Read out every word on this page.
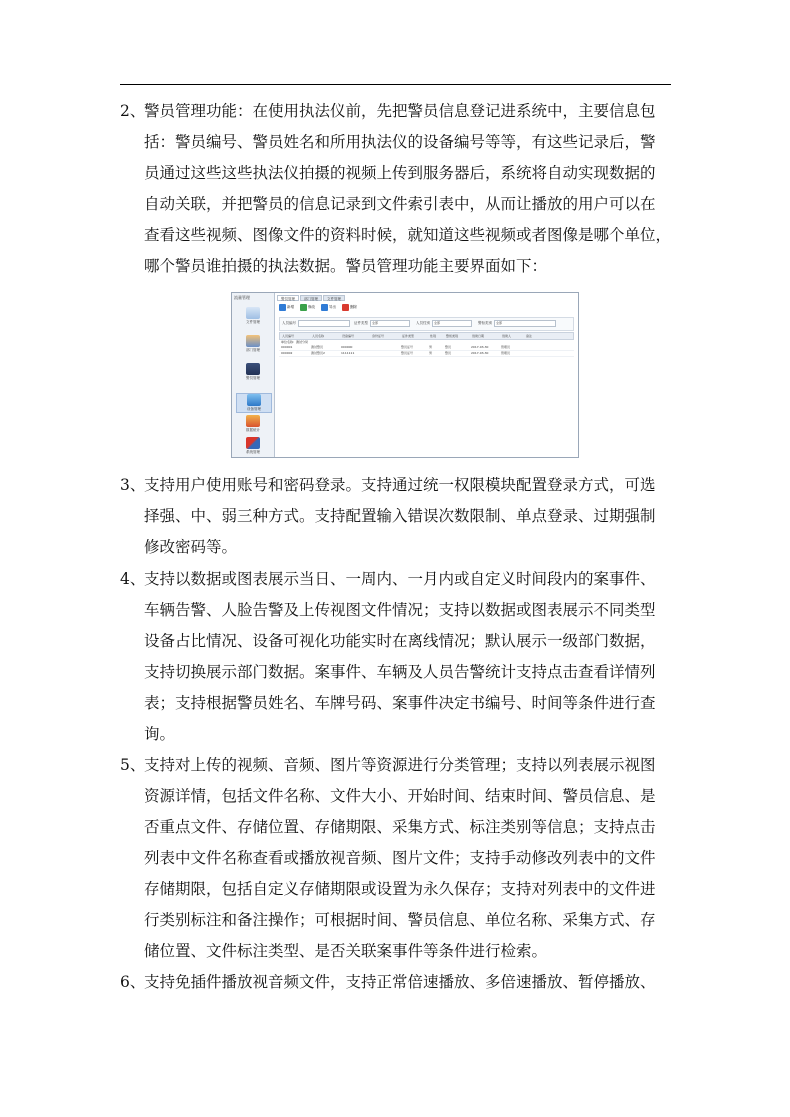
2、
警员管理功能：在使用执法仪前，先把警员信息登记进系统中，主要信息包
括：警员编号、警员姓名和所用执法仪的设备编号等等，有这些记录后，警
员通过这些这些执法仪拍摄的视频上传到服务器后，系统将自动实现数据的
自动关联，并把警员的信息记录到文件索引表中，从而让播放的用户可以在
查看这些视频、图像文件的资料时候，就知道这些视频或者图像是哪个单位，
哪个警员谁拍摄的执法数据。警员管理功能主要界面如下：
流量管理
文件管理
部门管理
警员管理
设备管理
数据统计
系统管理
警员管理	部门管理	文件管理
新增	修改	导出	删除
人员编号	证件类型 全部	人员性别 全部	警衔类别 全部
人员编号	人员名称	设备编号	身份证号	证件类型	性别	警衔类别	创建日期	创建人	备注
单位名称：测试分局
000001	测试警员	000000	警员证号	男	警员	2017-03-30	管理员
000002	测试警员2	1111111	警员证号	男	警员	2017-03-30	管理员
3、
支持用户使用账号和密码登录。支持通过统一权限模块配置登录方式，可选
择强、中、弱三种方式。支持配置输入错误次数限制、单点登录、过期强制
修改密码等。
4、
支持以数据或图表展示当日、一周内、一月内或自定义时间段内的案事件、
车辆告警、人脸告警及上传视图文件情况；支持以数据或图表展示不同类型
设备占比情况、设备可视化功能实时在离线情况；默认展示一级部门数据，
支持切换展示部门数据。案事件、车辆及人员告警统计支持点击查看详情列
表；支持根据警员姓名、车牌号码、案事件决定书编号、时间等条件进行查
询。
5、
支持对上传的视频、音频、图片等资源进行分类管理；支持以列表展示视图
资源详情，包括文件名称、文件大小、开始时间、结束时间、警员信息、是
否重点文件、存储位置、存储期限、采集方式、标注类别等信息；支持点击
列表中文件名称查看或播放视音频、图片文件；支持手动修改列表中的文件
存储期限，包括自定义存储期限或设置为永久保存；支持对列表中的文件进
行类别标注和备注操作；可根据时间、警员信息、单位名称、采集方式、存
储位置、文件标注类型、是否关联案事件等条件进行检索。
6、
支持免插件播放视音频文件，支持正常倍速播放、多倍速播放、暂停播放、
